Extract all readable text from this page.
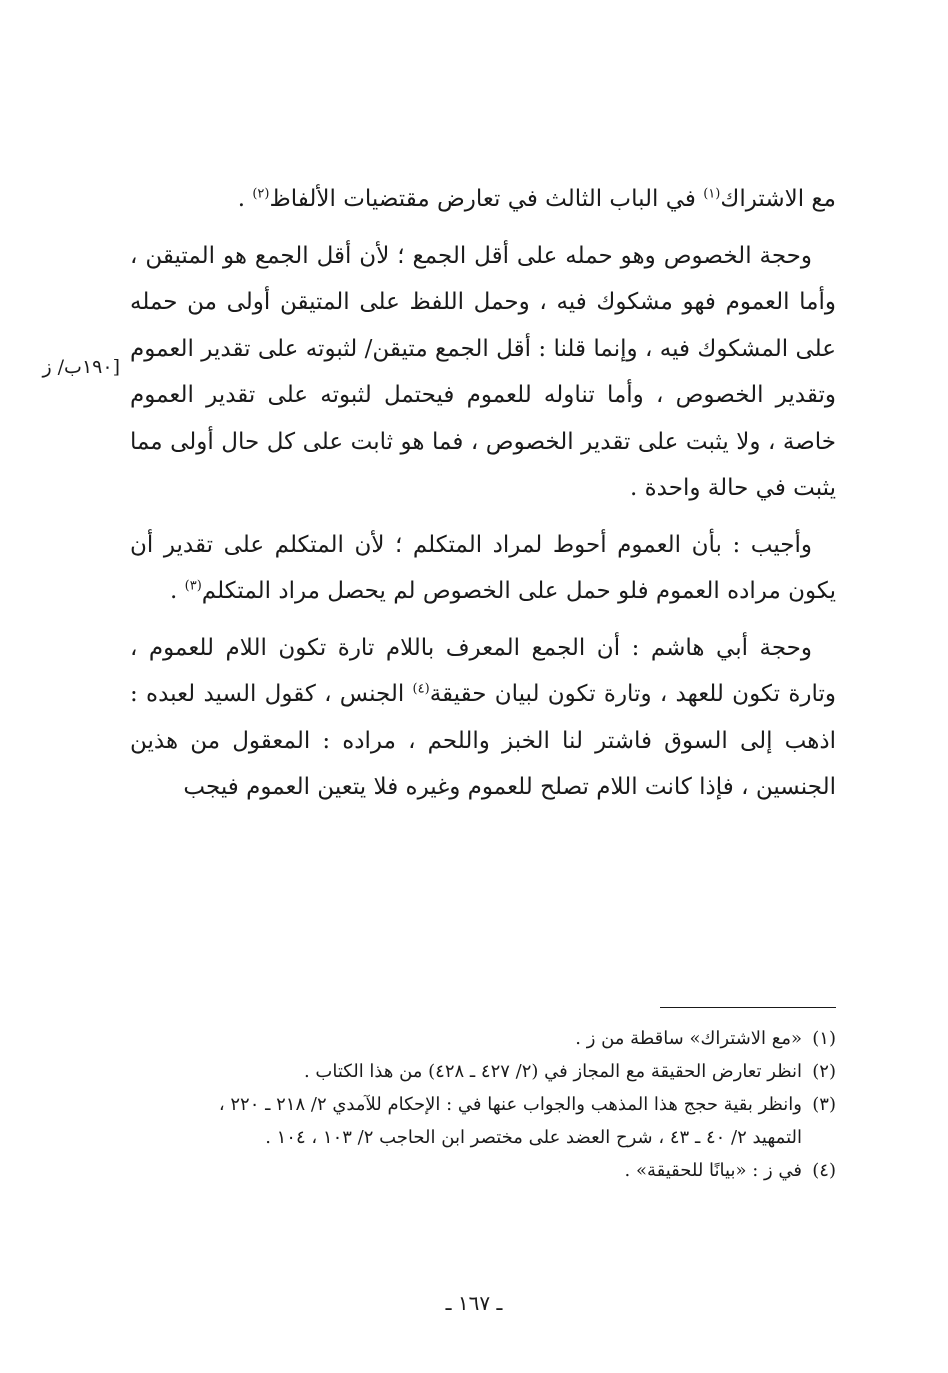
مع الاشتراك$^{(١)}$ في الباب الثالث في تعارض مقتضيات الألفاظ$^{(٢)}$ .

وحجة الخصوص وهو حمله على أقل الجمع ؛ لأن أقل الجمع هو المتيقن ، وأما العموم فهو مشكوك فيه ، وحمل اللفظ على المتيقن أولى من حمله على المشكوك فيه ، وإنما قلنا : أقل الجمع متيقن/ لثبوته على تقدير العموم وتقدير الخصوص ، وأما تناوله للعموم فيحتمل لثبوته على تقدير العموم خاصة ، ولا يثبت على تقدير الخصوص ، فما هو ثابت على كل حال أولى مما يثبت في حالة واحدة .

وأجيب : بأن العموم أحوط لمراد المتكلم ؛ لأن المتكلم على تقدير أن يكون مراده العموم فلو حمل على الخصوص لم يحصل مراد المتكلم$^{(٣)}$ .

وحجة أبي هاشم : أن الجمع المعرف باللام تارة تكون اللام للعموم ، وتارة تكون للعهد ، وتارة تكون لبيان حقيقة$^{(٤)}$ الجنس ، كقول السيد لعبده : اذهب إلى السوق فاشتر لنا الخبز واللحم ، مراده : المعقول من هذين الجنسين ، فإذا كانت اللام تصلح للعموم وغيره فلا يتعين العموم فيجب

[١٩٠ب/ ز

(١)«مع الاشتراك» ساقطة من ز .

(٢)انظر تعارض الحقيقة مع المجاز في (٢/ ٤٢٧ ـ ٤٢٨) من هذا الكتاب .

(٣)وانظر بقية حجج هذا المذهب والجواب عنها في : الإحكام للآمدي ٢/ ٢١٨ ـ ٢٢٠ ،

التمهيد ٢/ ٤٠ ـ ٤٣ ، شرح العضد على مختصر ابن الحاجب ٢/ ١٠٣ ، ١٠٤ .

(٤)في ز : «بيانًا للحقيقة» .

ـ ١٦٧ ـ
